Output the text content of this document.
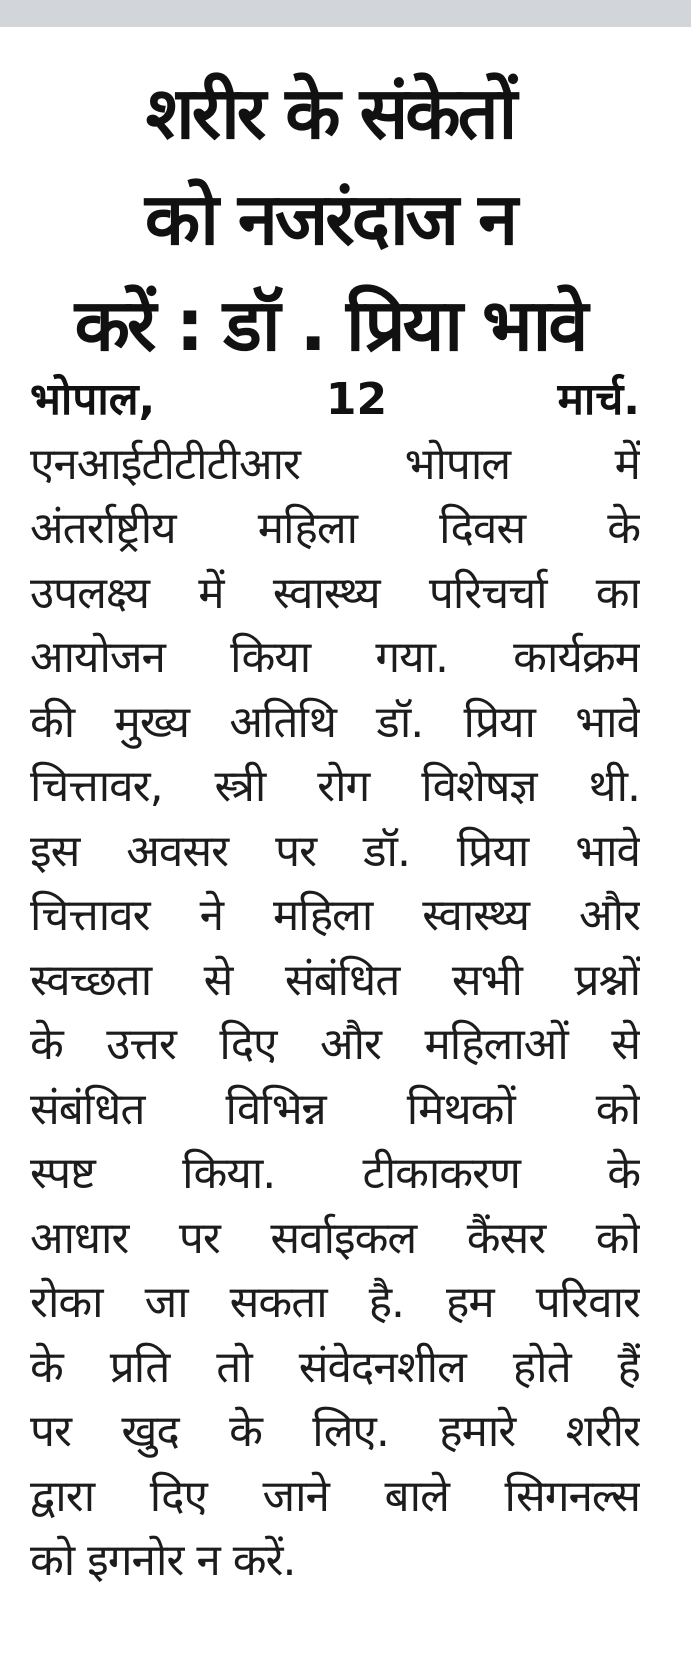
शरीर के संकेतों
को नजरंदाज न
करें : डॉ . प्रिया भावे
भोपाल,	12	मार्च.
एनआईटीटीटीआर भोपाल में
अंतर्राष्ट्रीय महिला दिवस के
उपलक्ष्य में स्वास्थ्य परिचर्चा का
आयोजन किया गया. कार्यक्रम
की मुख्य अतिथि डॉ. प्रिया भावे
चित्तावर, स्त्री रोग विशेषज्ञ थी.
इस अवसर पर डॉ. प्रिया भावे
चित्तावर ने महिला स्वास्थ्य और
स्वच्छता से संबंधित सभी प्रश्नों
के उत्तर दिए और महिलाओं से
संबंधित विभिन्न मिथकों को
स्पष्ट किया. टीकाकरण के
आधार पर सर्वाइकल कैंसर को
रोका जा सकता है. हम परिवार
के प्रति तो संवेदनशील होते हैं
पर खुद के लिए. हमारे शरीर
द्वारा दिए जाने बाले सिगनल्स
को इगनोर न करें.
